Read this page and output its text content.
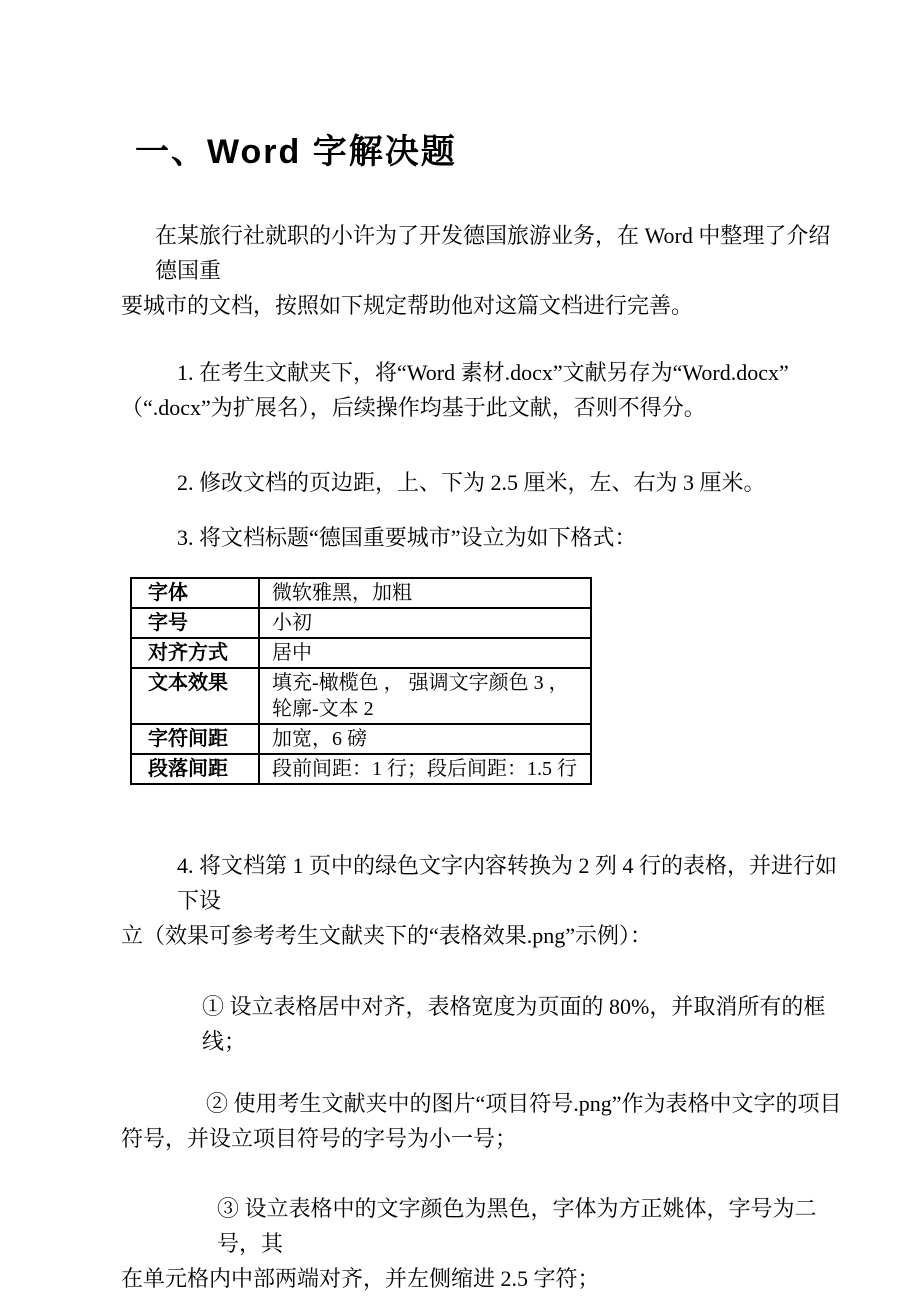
一、Word 字解决题
在某旅行社就职的小许为了开发德国旅游业务，在 Word 中整理了介绍德国重
要城市的文档，按照如下规定帮助他对这篇文档进行完善。
1. 在考生文献夹下，将“Word 素材.docx”文献另存为“Word.docx”
（“.docx”为扩展名），后续操作均基于此文献，否则不得分。
2. 修改文档的页边距，上、下为 2.5 厘米，左、右为 3 厘米。
3. 将文档标题“德国重要城市”设立为如下格式：
字体	微软雅黑，加粗
字号	小初
对齐方式	居中
文本效果	填充-橄榄色 ， 强调文字颜色 3 ， 轮廓-文本 2
字符间距	加宽，6 磅
段落间距	段前间距：1 行；段后间距：1.5 行
4. 将文档第 1 页中的绿色文字内容转换为 2 列 4 行的表格，并进行如下设
立（效果可参考考生文献夹下的“表格效果.png”示例）：
① 设立表格居中对齐，表格宽度为页面的 80%，并取消所有的框线；
② 使用考生文献夹中的图片“项目符号.png”作为表格中文字的项目
符号，并设立项目符号的字号为小一号；
③ 设立表格中的文字颜色为黑色，字体为方正姚体，字号为二号，其
在单元格内中部两端对齐，并左侧缩进 2.5 字符；
